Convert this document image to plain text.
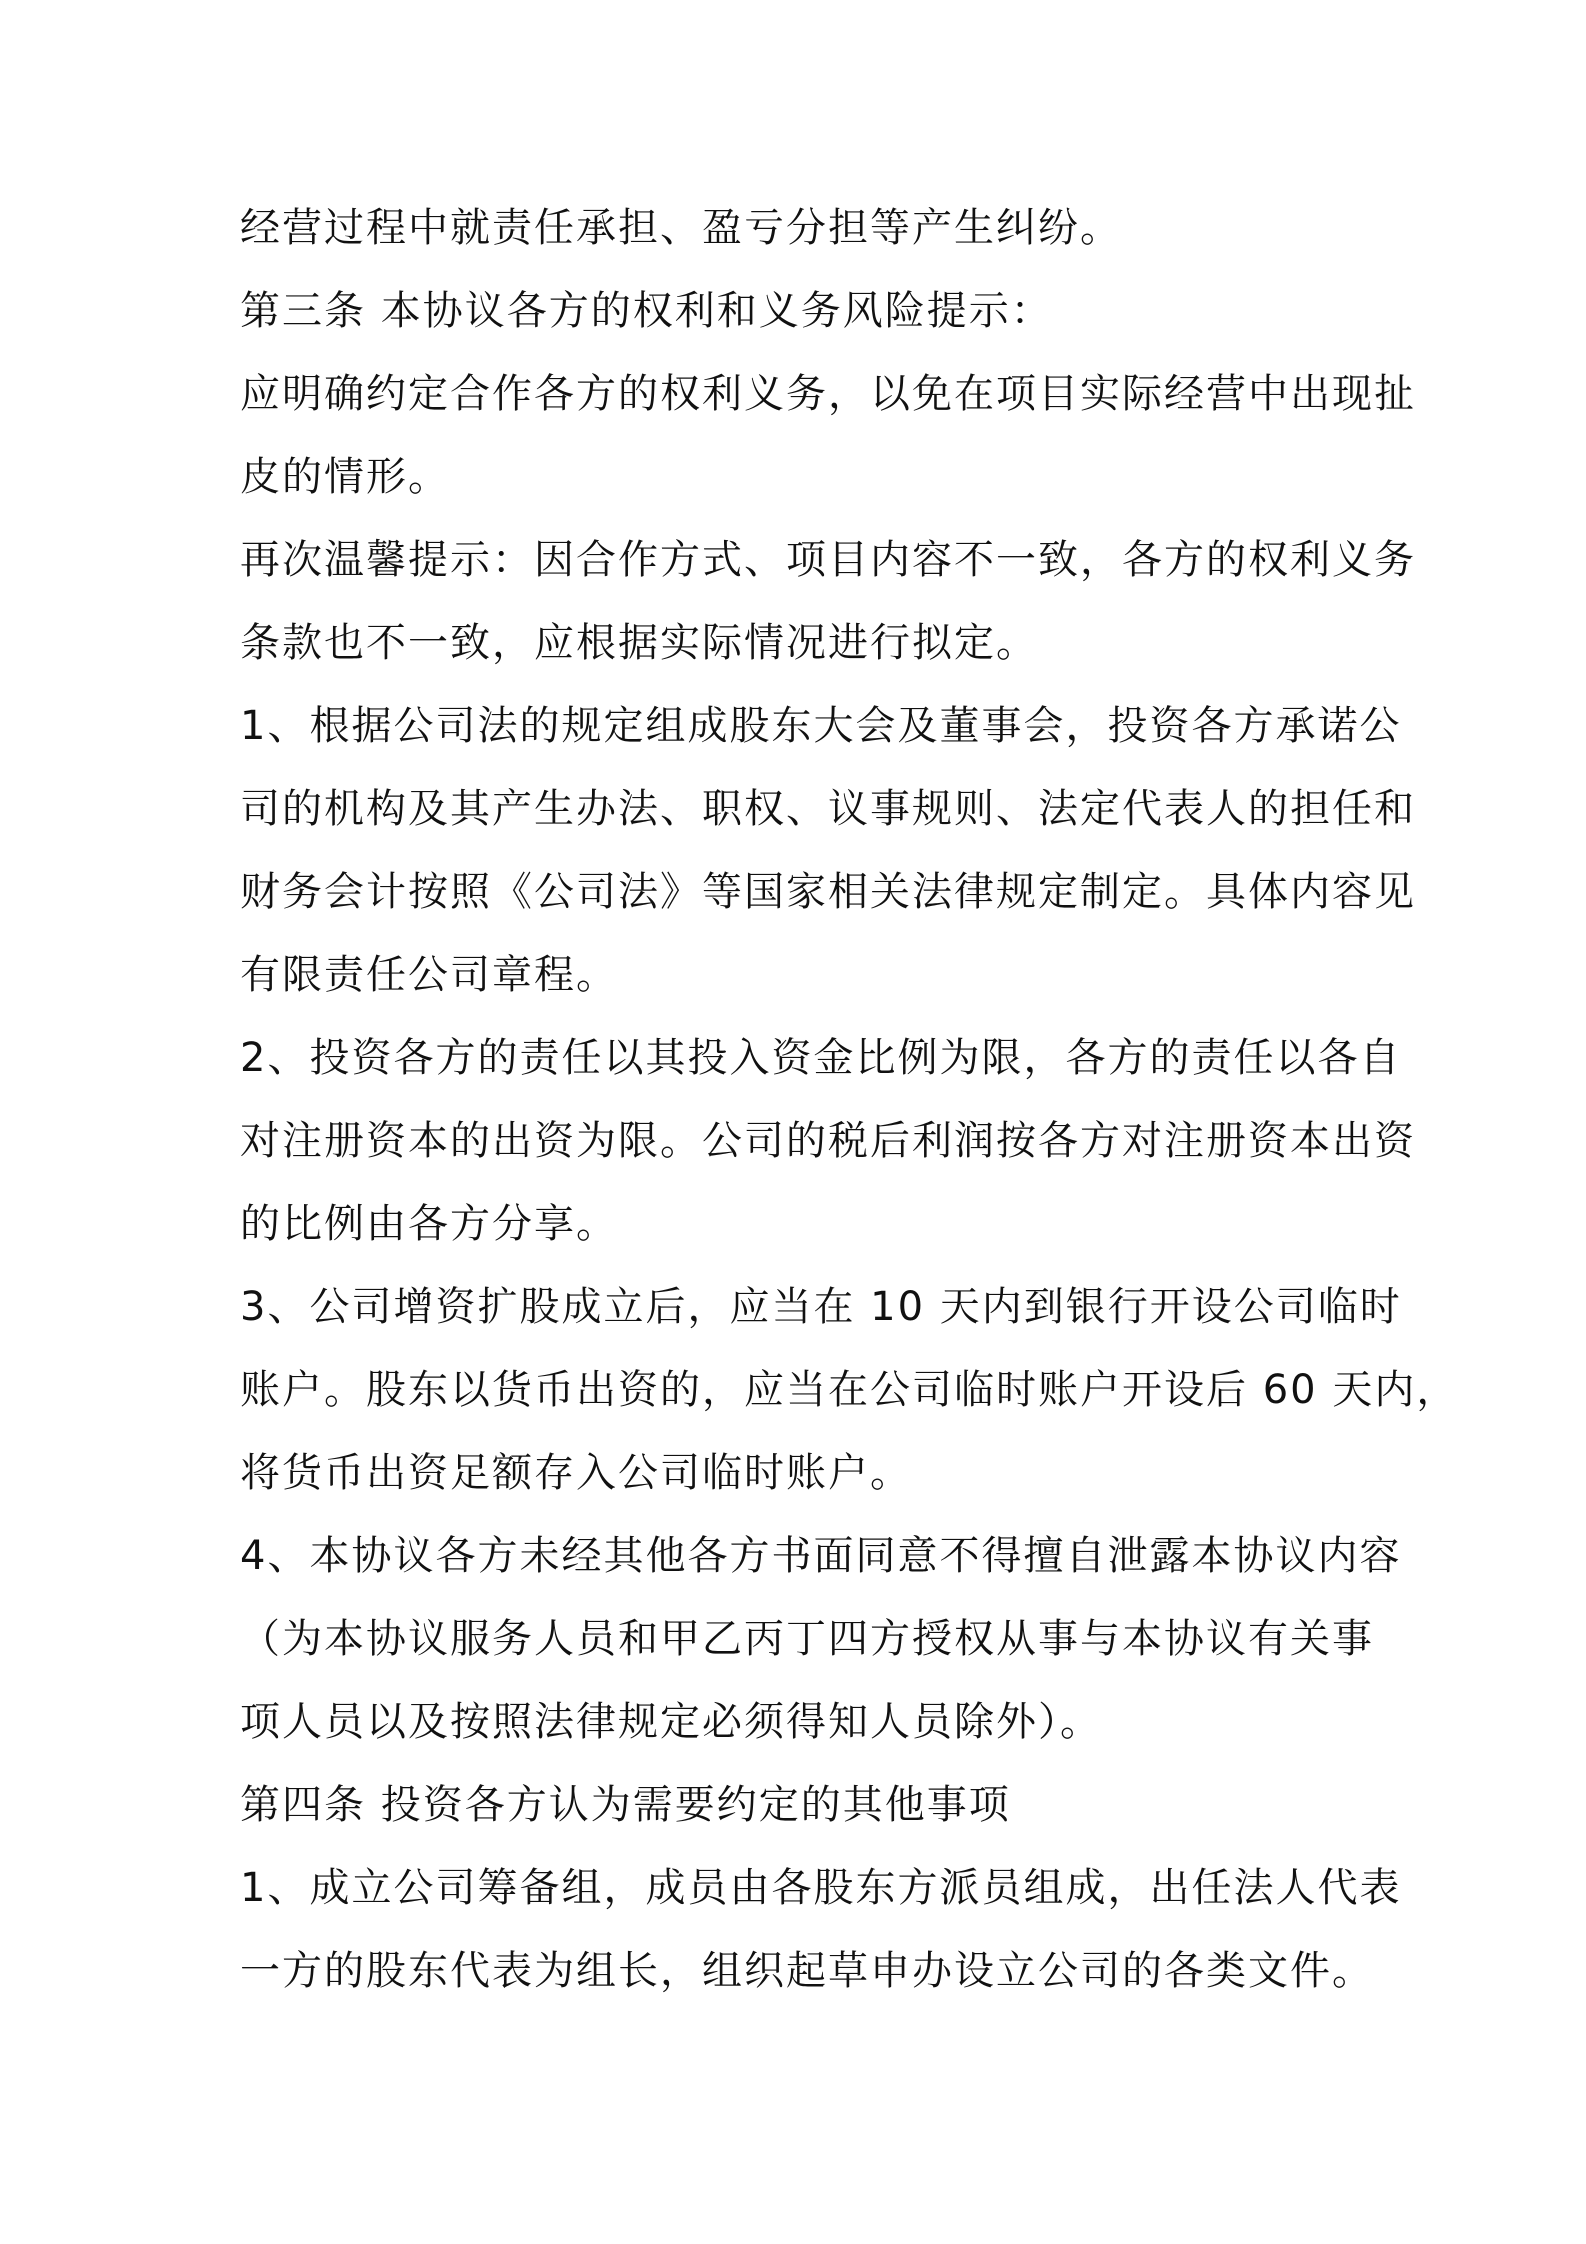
经营过程中就责任承担、盈亏分担等产生纠纷。

第三条 本协议各方的权利和义务风险提示：

应明确约定合作各方的权利义务，以免在项目实际经营中出现扯

皮的情形。

再次温馨提示：因合作方式、项目内容不一致，各方的权利义务

条款也不一致，应根据实际情况进行拟定。

1、根据公司法的规定组成股东大会及董事会，投资各方承诺公

司的机构及其产生办法、职权、议事规则、法定代表人的担任和

财务会计按照《公司法》等国家相关法律规定制定。具体内容见

有限责任公司章程。

2、投资各方的责任以其投入资金比例为限，各方的责任以各自

对注册资本的出资为限。公司的税后利润按各方对注册资本出资

的比例由各方分享。

3、公司增资扩股成立后，应当在 10 天内到银行开设公司临时

账户。股东以货币出资的，应当在公司临时账户开设后 60 天内，

将货币出资足额存入公司临时账户。

4、本协议各方未经其他各方书面同意不得擅自泄露本协议内容

（为本协议服务人员和甲乙丙丁四方授权从事与本协议有关事

项人员以及按照法律规定必须得知人员除外）。

第四条 投资各方认为需要约定的其他事项

1、成立公司筹备组，成员由各股东方派员组成，出任法人代表

一方的股东代表为组长，组织起草申办设立公司的各类文件。
